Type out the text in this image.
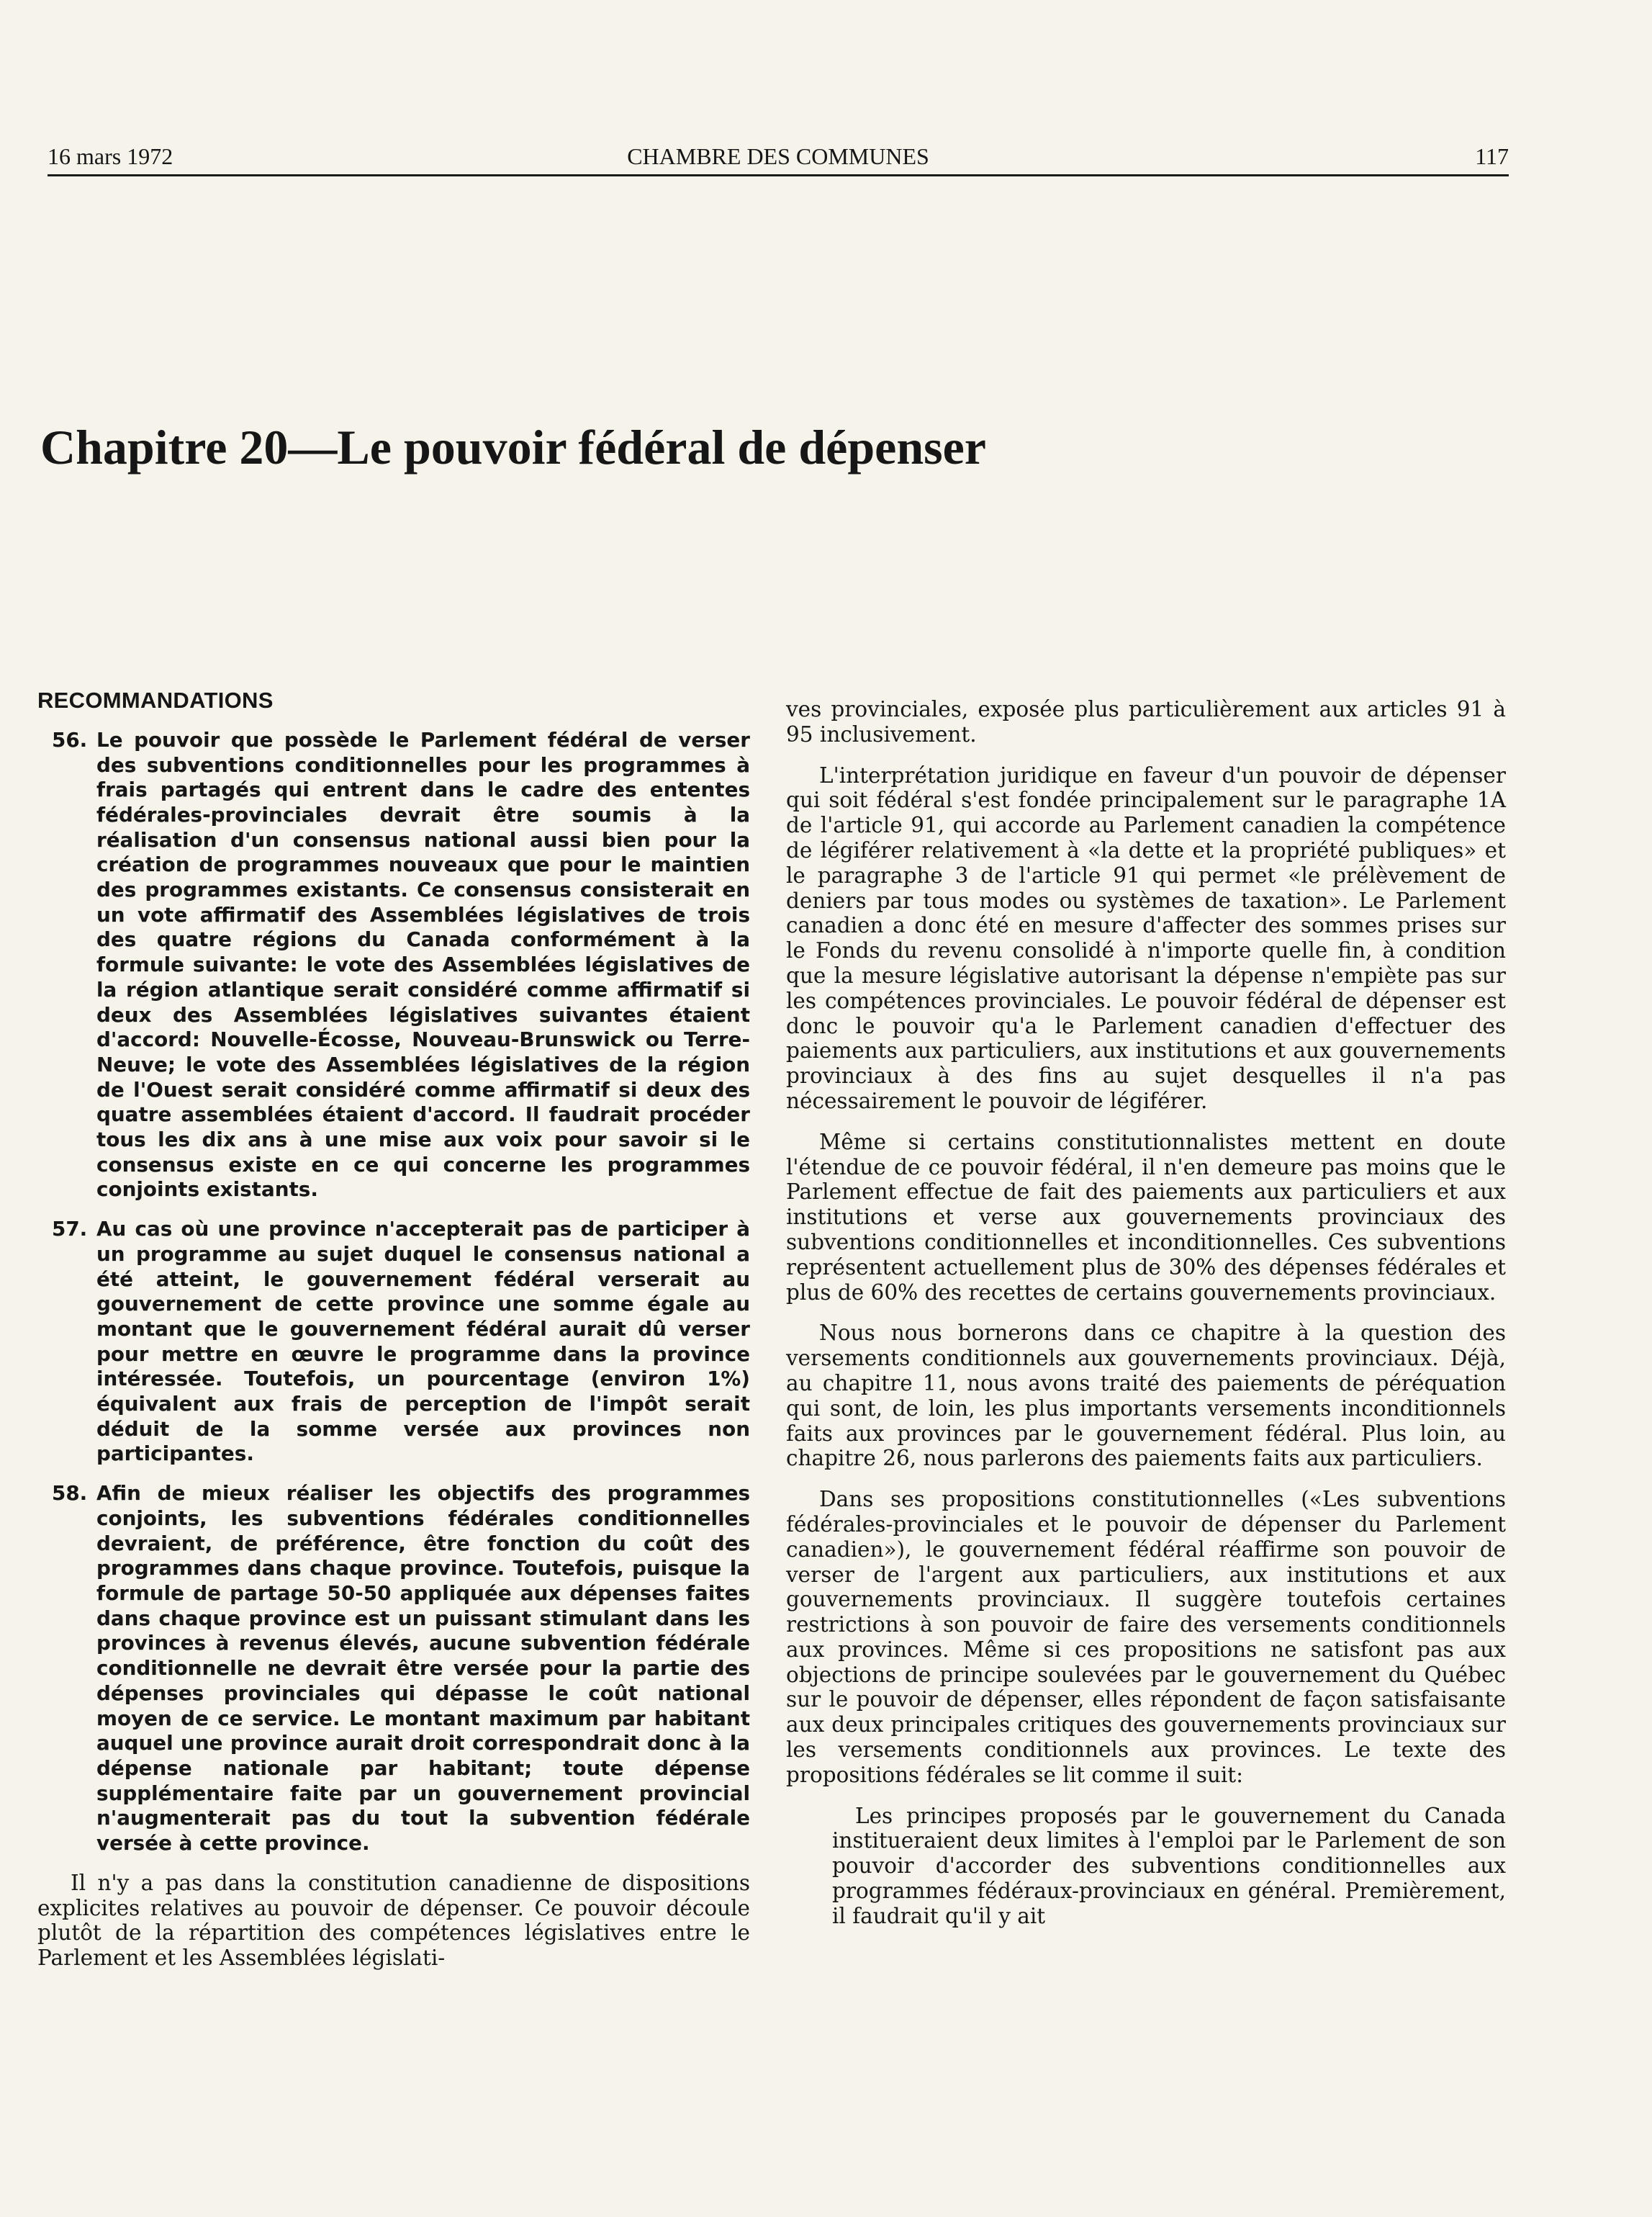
16 mars 1972	CHAMBRE DES COMMUNES	117
Chapitre 20—Le pouvoir fédéral de dépenser
RECOMMANDATIONS
56. Le pouvoir que possède le Parlement fédéral de verser des subventions conditionnelles pour les programmes à frais partagés qui entrent dans le cadre des ententes fédérales-provinciales devrait être soumis à la réalisation d'un consensus national aussi bien pour la création de programmes nouveaux que pour le maintien des programmes existants. Ce consensus consisterait en un vote affirmatif des Assemblées législatives de trois des quatre régions du Canada conformément à la formule suivante: le vote des Assemblées législatives de la région atlantique serait considéré comme affirmatif si deux des Assemblées législatives suivantes étaient d'accord: Nouvelle-Écosse, Nouveau-Brunswick ou Terre-Neuve; le vote des Assemblées législatives de la région de l'Ouest serait considéré comme affirmatif si deux des quatre assemblées étaient d'accord. Il faudrait procéder tous les dix ans à une mise aux voix pour savoir si le consensus existe en ce qui concerne les programmes conjoints existants.
57. Au cas où une province n'accepterait pas de participer à un programme au sujet duquel le consensus national a été atteint, le gouvernement fédéral verserait au gouvernement de cette province une somme égale au montant que le gouvernement fédéral aurait dû verser pour mettre en œuvre le programme dans la province intéressée. Toutefois, un pourcentage (environ 1%) équivalent aux frais de perception de l'impôt serait déduit de la somme versée aux provinces non participantes.
58. Afin de mieux réaliser les objectifs des programmes conjoints, les subventions fédérales conditionnelles devraient, de préférence, être fonction du coût des programmes dans chaque province. Toutefois, puisque la formule de partage 50-50 appliquée aux dépenses faites dans chaque province est un puissant stimulant dans les provinces à revenus élevés, aucune subvention fédérale conditionnelle ne devrait être versée pour la partie des dépenses provinciales qui dépasse le coût national moyen de ce service. Le montant maximum par habitant auquel une province aurait droit correspondrait donc à la dépense nationale par habitant; toute dépense supplémentaire faite par un gouvernement provincial n'augmenterait pas du tout la subvention fédérale versée à cette province.

Il n'y a pas dans la constitution canadienne de dispositions explicites relatives au pouvoir de dépenser. Ce pouvoir découle plutôt de la répartition des compétences législatives entre le Parlement et les Assemblées législati-

ves provinciales, exposée plus particulièrement aux articles 91 à 95 inclusivement.

L'interprétation juridique en faveur d'un pouvoir de dépenser qui soit fédéral s'est fondée principalement sur le paragraphe 1A de l'article 91, qui accorde au Parlement canadien la compétence de légiférer relativement à «la dette et la propriété publiques» et le paragraphe 3 de l'article 91 qui permet «le prélèvement de deniers par tous modes ou systèmes de taxation». Le Parlement canadien a donc été en mesure d'affecter des sommes prises sur le Fonds du revenu consolidé à n'importe quelle fin, à condition que la mesure législative autorisant la dépense n'empiète pas sur les compétences provinciales. Le pouvoir fédéral de dépenser est donc le pouvoir qu'a le Parlement canadien d'effectuer des paiements aux particuliers, aux institutions et aux gouvernements provinciaux à des fins au sujet desquelles il n'a pas nécessairement le pouvoir de légiférer.

Même si certains constitutionnalistes mettent en doute l'étendue de ce pouvoir fédéral, il n'en demeure pas moins que le Parlement effectue de fait des paiements aux particuliers et aux institutions et verse aux gouvernements provinciaux des subventions conditionnelles et inconditionnelles. Ces subventions représentent actuellement plus de 30% des dépenses fédérales et plus de 60% des recettes de certains gouvernements provinciaux.

Nous nous bornerons dans ce chapitre à la question des versements conditionnels aux gouvernements provinciaux. Déjà, au chapitre 11, nous avons traité des paiements de péréquation qui sont, de loin, les plus importants versements inconditionnels faits aux provinces par le gouvernement fédéral. Plus loin, au chapitre 26, nous parlerons des paiements faits aux particuliers.

Dans ses propositions constitutionnelles («Les subventions fédérales-provinciales et le pouvoir de dépenser du Parlement canadien»), le gouvernement fédéral réaffirme son pouvoir de verser de l'argent aux particuliers, aux institutions et aux gouvernements provinciaux. Il suggère toutefois certaines restrictions à son pouvoir de faire des versements conditionnels aux provinces. Même si ces propositions ne satisfont pas aux objections de principe soulevées par le gouvernement du Québec sur le pouvoir de dépenser, elles répondent de façon satisfaisante aux deux principales critiques des gouvernements provinciaux sur les versements conditionnels aux provinces. Le texte des propositions fédérales se lit comme il suit:

Les principes proposés par le gouvernement du Canada institueraient deux limites à l'emploi par le Parlement de son pouvoir d'accorder des subventions conditionnelles aux programmes fédéraux-provinciaux en général. Premièrement, il faudrait qu'il y ait
